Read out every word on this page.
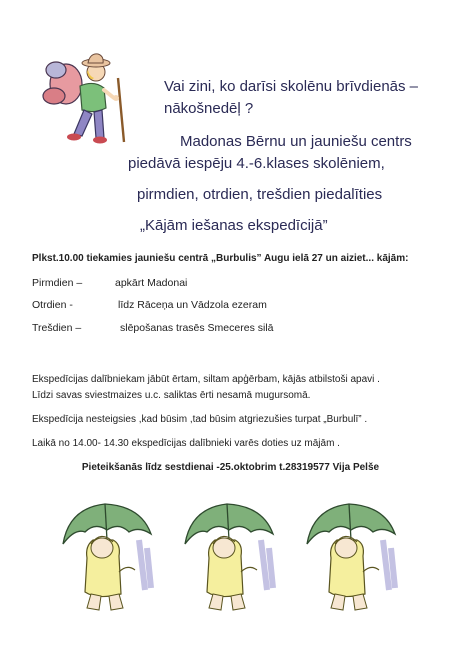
Vai zini, ko darīsi skolēnu brīvdienās –
nākošnedēļ ?
Madonas Bērnu un jauniešu centrs
piedāvā iespēju 4.-6.klases skolēniem,
pirmdien, otrdien, trešdien piedalīties
„Kājām iešanas ekspedīcijā”
Plkst.10.00 tiekamies jauniešu centrā „Burbulis” Augu ielā 27 un aiziet... kājām:
Pirmdien –	apkārt Madonai
Otrdien -	līdz Rāceņa un Vādzola ezeram
Trešdien –	slēpošanas trasēs Smeceres silā
Ekspedīcijas dalībniekam jābūt ērtam, siltam apģērbam, kājās atbilstoši apavi .
Līdzi savas sviestmaizes u.c. saliktas ērti nesamā mugursomā.
Ekspedīcija nesteigsies ,kad būsim ,tad būsim atgriezušies turpat „Burbulī” .
Laikā no 14.00- 14.30 ekspedīcijas dalībnieki varēs doties uz mājām .
Pieteikšanās līdz sestdienai -25.oktobrim t.28319577 Vija Pelše
